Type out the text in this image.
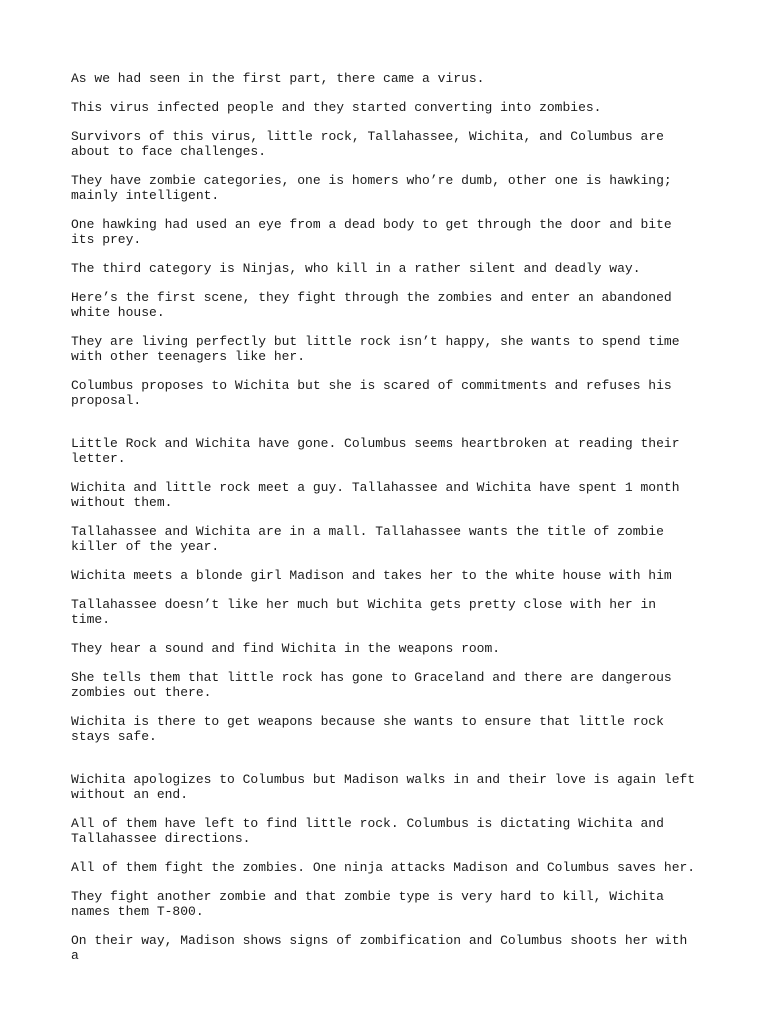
As we had seen in the first part, there came a virus.

This virus infected people and they started converting into zombies.

Survivors of this virus, little rock, Tallahassee, Wichita, and Columbus are about to face challenges.

They have zombie categories, one is homers who’re dumb, other one is hawking; mainly intelligent.

One hawking had used an eye from a dead body to get through the door and bite its prey.

The third category is Ninjas, who kill in a rather silent and deadly way.

Here’s the first scene, they fight through the zombies and enter an abandoned white house.

They are living perfectly but little rock isn’t happy, she wants to spend time with other teenagers like her.

Columbus proposes to Wichita but she is scared of commitments and refuses his proposal.

Little Rock and Wichita have gone. Columbus seems heartbroken at reading their letter.

Wichita and little rock meet a guy. Tallahassee and Wichita have spent 1 month without them.

Tallahassee and Wichita are in a mall. Tallahassee wants the title of zombie killer of the year.

Wichita meets a blonde girl Madison and takes her to the white house with him

Tallahassee doesn’t like her much but Wichita gets pretty close with her in time.

They hear a sound and find Wichita in the weapons room.

She tells them that little rock has gone to Graceland and there are dangerous zombies out there.

Wichita is there to get weapons because she wants to ensure that little rock stays safe.

Wichita apologizes to Columbus but Madison walks in and their love is again left without an end.

All of them have left to find little rock. Columbus is dictating Wichita and Tallahassee directions.

All of them fight the zombies. One ninja attacks Madison and Columbus saves her.

They fight another zombie and that zombie type is very hard to kill, Wichita names them T-800.

On their way, Madison shows signs of zombification and Columbus shoots her with a
